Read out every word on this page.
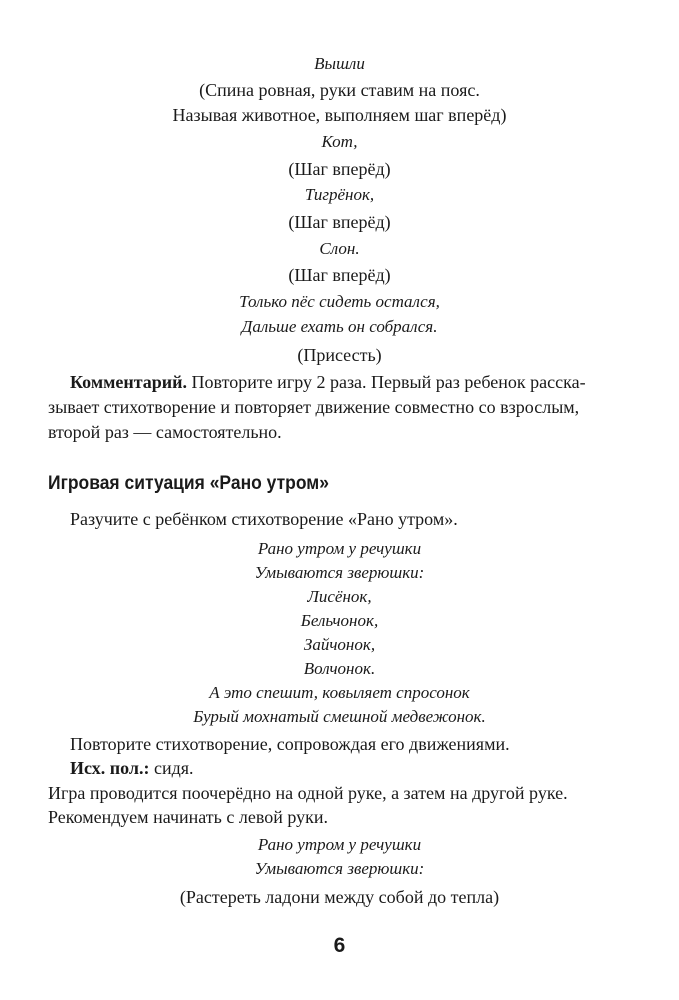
Вышли
(Спина ровная, руки ставим на пояс.
Называя животное, выполняем шаг вперёд)
Кот,
(Шаг вперёд)
Тигрёнок,
(Шаг вперёд)
Слон.
(Шаг вперёд)
Только пёс сидеть остался,
Дальше ехать он собрался.
(Присесть)
Комментарий. Повторите игру 2 раза. Первый раз ребенок расска-
зывает стихотворение и повторяет движение совместно со взрослым,
второй раз — самостоятельно.
Игровая ситуация «Рано утром»
Разучите с ребёнком стихотворение «Рано утром».
Рано утром у речушки
Умываются зверюшки:
Лисёнок,
Бельчонок,
Зайчонок,
Волчонок.
А это спешит, ковыляет спросонок
Бурый мохнатый смешной медвежонок.
Повторите стихотворение, сопровождая его движениями.
Исх. пол.: сидя.
Игра проводится поочерёдно на одной руке, а затем на другой руке.
Рекомендуем начинать с левой руки.
Рано утром у речушки
Умываются зверюшки:
(Растереть ладони между собой до тепла)
6
